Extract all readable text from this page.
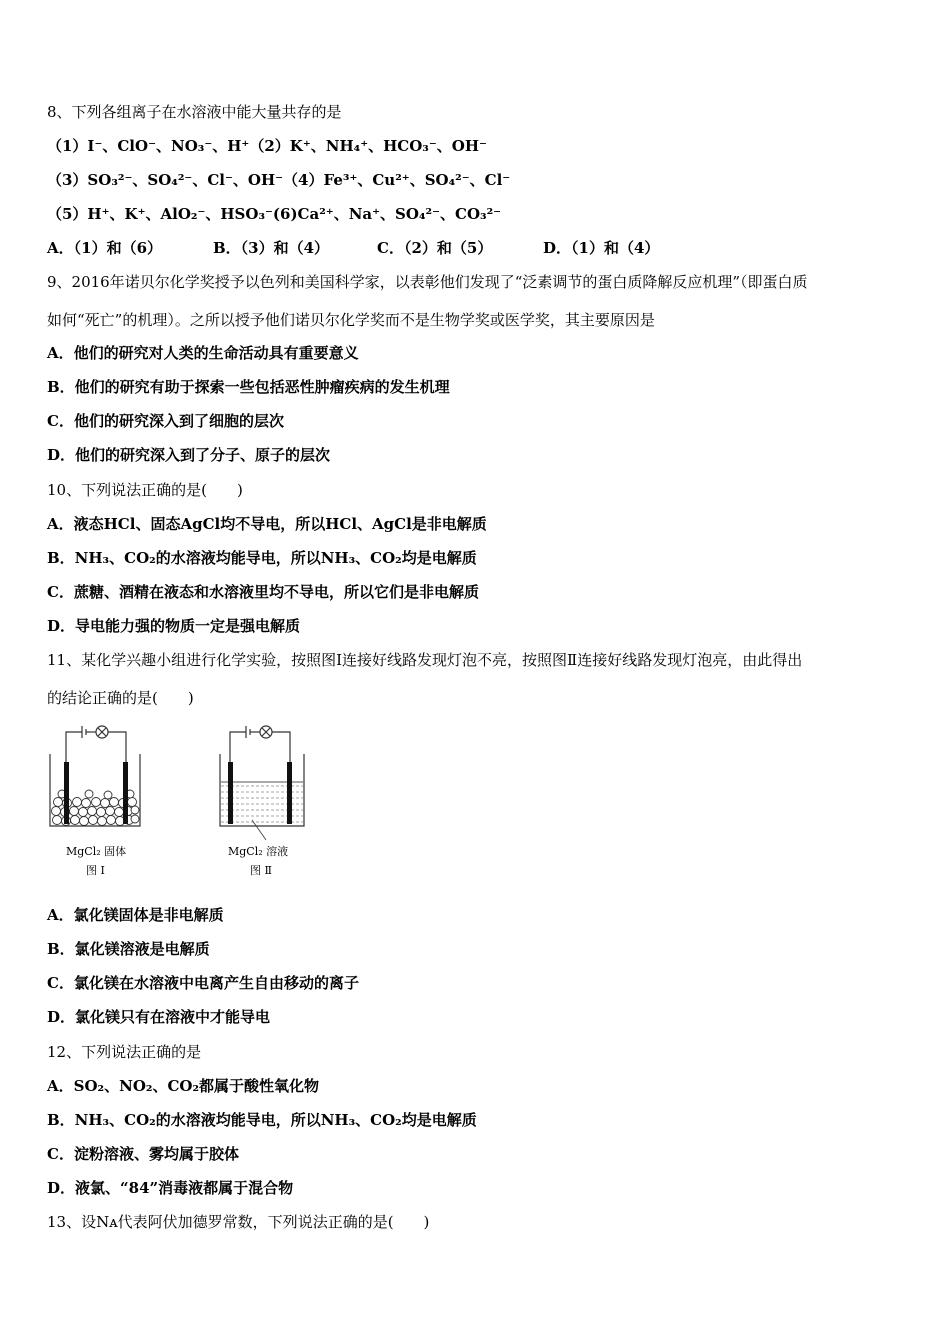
8、下列各组离子在水溶液中能大量共存的是
（1）I⁻、ClO⁻、NO₃⁻、H⁺（2）K⁺、NH₄⁺、HCO₃⁻、OH⁻
（3）SO₃²⁻、SO₄²⁻、Cl⁻、OH⁻（4）Fe³⁺、Cu²⁺、SO₄²⁻、Cl⁻
（5）H⁺、K⁺、AlO₂⁻、HSO₃⁻(6)Ca²⁺、Na⁺、SO₄²⁻、CO₃²⁻
A．（1）和（6）	B．（3）和（4）	C．（2）和（5）	D．（1）和（4）
9、2016年诺贝尔化学奖授予以色列和美国科学家，以表彰他们发现了“泛素调节的蛋白质降解反应机理”（即蛋白质
如何“死亡”的机理）。之所以授予他们诺贝尔化学奖而不是生物学奖或医学奖，其主要原因是
A．他们的研究对人类的生命活动具有重要意义
B．他们的研究有助于探索一些包括恶性肿瘤疾病的发生机理
C．他们的研究深入到了细胞的层次
D．他们的研究深入到了分子、原子的层次
10、下列说法正确的是(　　)
A．液态HCl、固态AgCl均不导电，所以HCl、AgCl是非电解质
B．NH₃、CO₂的水溶液均能导电，所以NH₃、CO₂均是电解质
C．蔗糖、酒精在液态和水溶液里均不导电，所以它们是非电解质
D．导电能力强的物质一定是强电解质
11、某化学兴趣小组进行化学实验，按照图Ⅰ连接好线路发现灯泡不亮，按照图Ⅱ连接好线路发现灯泡亮，由此得出
的结论正确的是(　　)
MgCl₂ 固体
图 Ⅰ
MgCl₂ 溶液
图 Ⅱ
A．氯化镁固体是非电解质
B．氯化镁溶液是电解质
C．氯化镁在水溶液中电离产生自由移动的离子
D．氯化镁只有在溶液中才能导电
12、下列说法正确的是
A．SO₂、NO₂、CO₂都属于酸性氧化物
B．NH₃、CO₂的水溶液均能导电，所以NH₃、CO₂均是电解质
C．淀粉溶液、雾均属于胶体
D．液氯、“84”消毒液都属于混合物
13、设Nᴀ代表阿伏加德罗常数，下列说法正确的是(　　)
